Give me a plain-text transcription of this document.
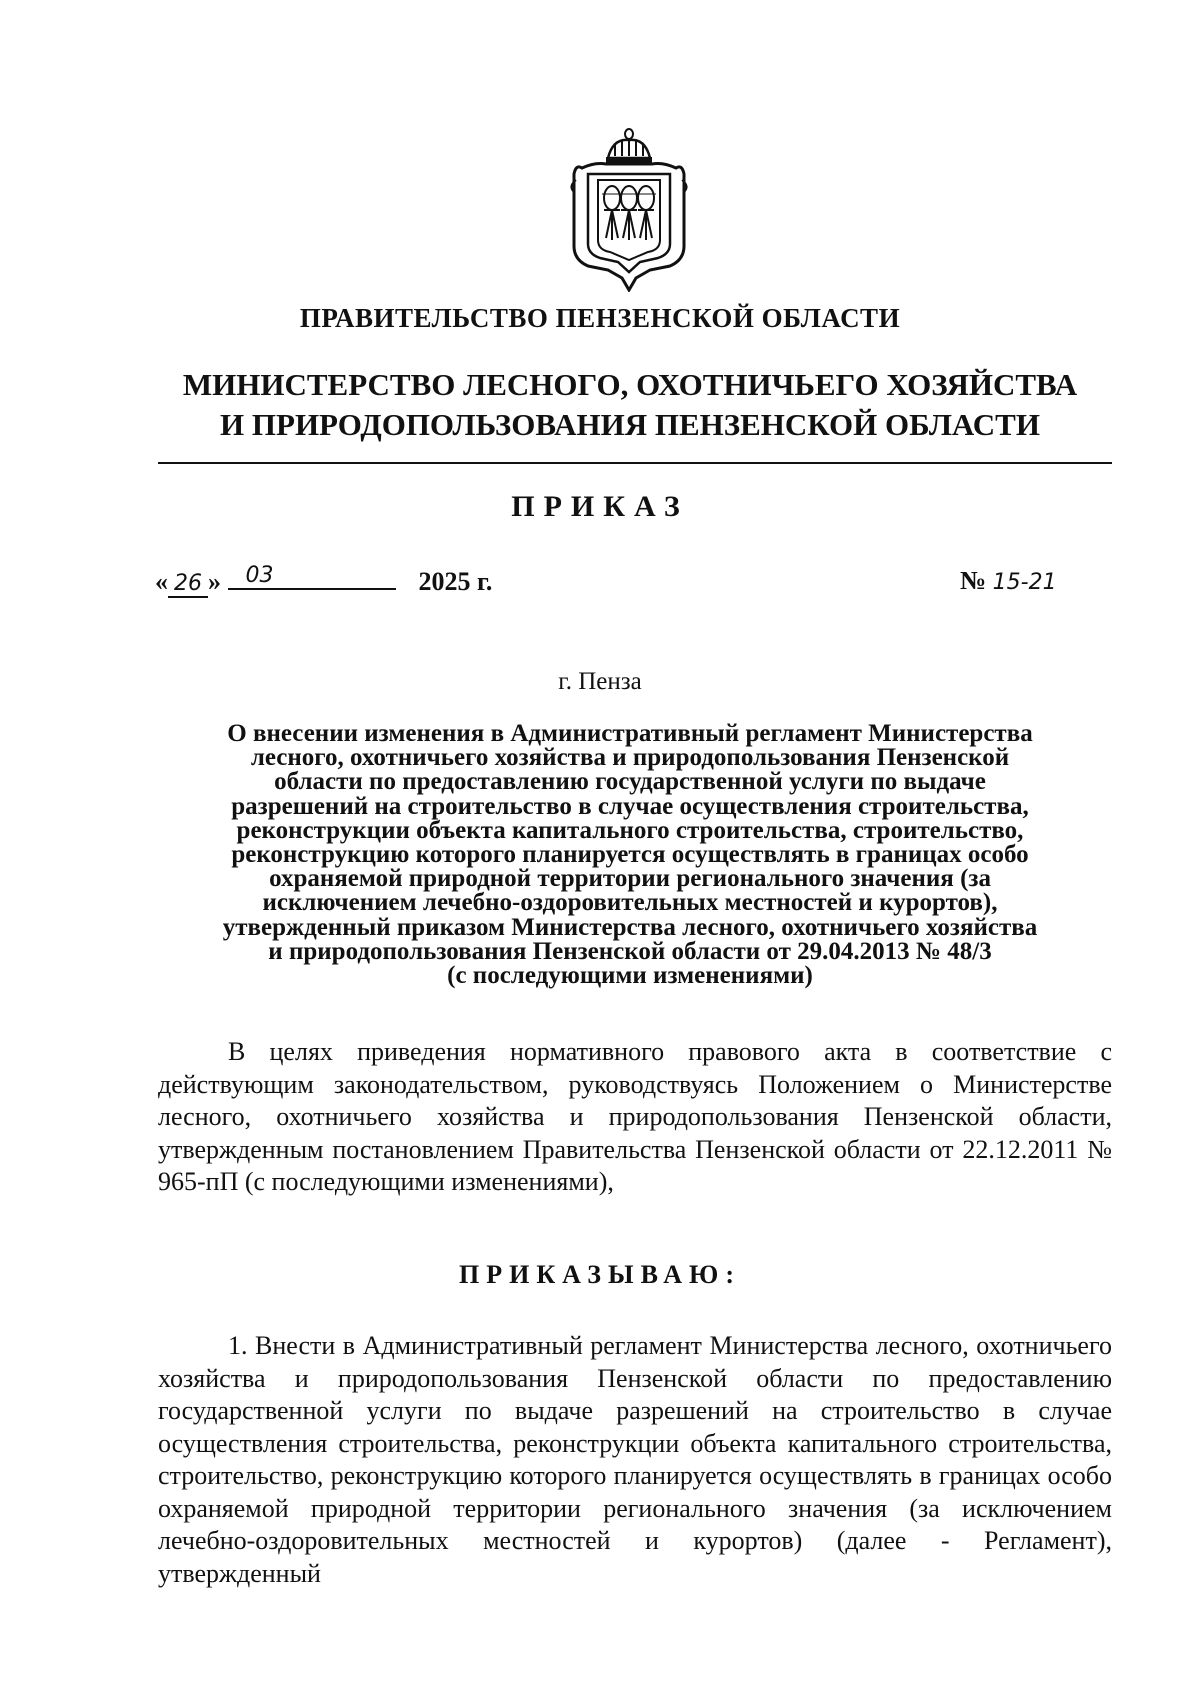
ПРАВИТЕЛЬСТВО ПЕНЗЕНСКОЙ ОБЛАСТИ
МИНИСТЕРСТВО ЛЕСНОГО, ОХОТНИЧЬЕГО ХОЗЯЙСТВА
И ПРИРОДОПОЛЬЗОВАНИЯ ПЕНЗЕНСКОЙ ОБЛАСТИ
ПРИКАЗ
« 26 » 03	2025 г.	№ 15-21
г. Пенза
О внесении изменения в Административный регламент Министерства
лесного, охотничьего хозяйства и природопользования Пензенской
области по предоставлению государственной услуги по выдаче
разрешений на строительство в случае осуществления строительства,
реконструкции объекта капитального строительства, строительство,
реконструкцию которого планируется осуществлять в границах особо
охраняемой природной территории регионального значения (за
исключением лечебно-оздоровительных местностей и курортов),
утвержденный приказом Министерства лесного, охотничьего хозяйства
и природопользования Пензенской области от 29.04.2013 № 48/3
(с последующими изменениями)
В целях приведения нормативного правового акта в соответствие с действующим законодательством, руководствуясь Положением о Министерстве лесного, охотничьего хозяйства и природопользования Пензенской области, утвержденным постановлением Правительства Пензенской области от 22.12.2011 № 965-пП (с последующими изменениями),
ПРИКАЗЫВАЮ:
1. Внести в Административный регламент Министерства лесного, охотничьего хозяйства и природопользования Пензенской области по предоставлению государственной услуги по выдаче разрешений на строительство в случае осуществления строительства, реконструкции объекта капитального строительства, строительство, реконструкцию которого планируется осуществлять в границах особо охраняемой природной территории регионального значения (за исключением лечебно-оздоровительных местностей и курортов) (далее - Регламент), утвержденный
